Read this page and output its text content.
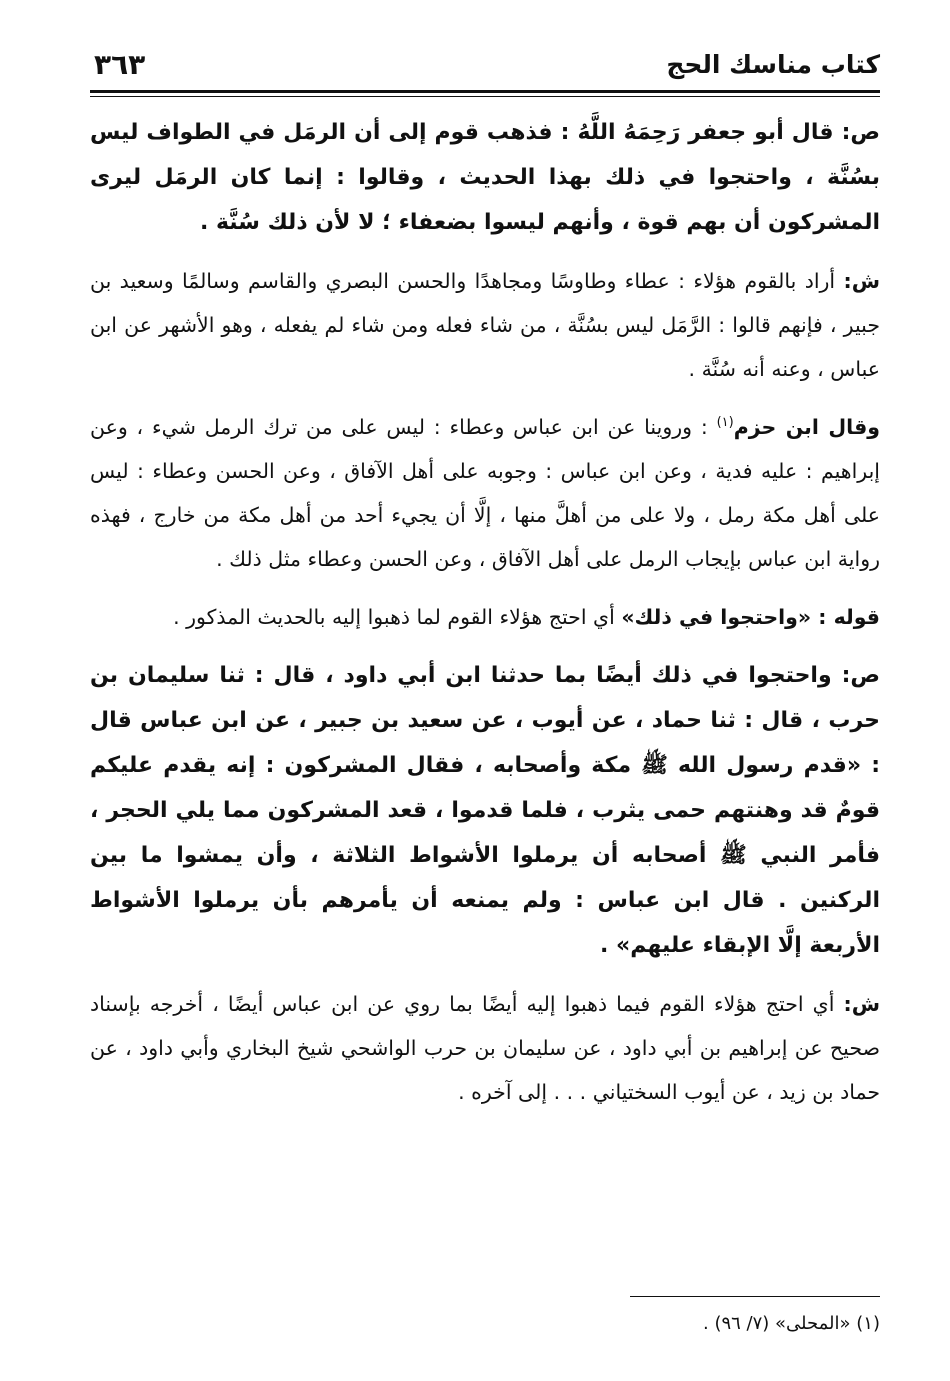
كتاب مناسك الحج
٣٦٣

ص: قال أبو جعفر رَحِمَهُ اللَّهُ : فذهب قوم إلى أن الرمَل في الطواف ليس بسُنَّة ، واحتجوا في ذلك بهذا الحديث ، وقالوا : إنما كان الرمَل ليرى المشركون أن بهم قوة ، وأنهم ليسوا بضعفاء ؛ لا لأن ذلك سُنَّة .

ش: أراد بالقوم هؤلاء : عطاء وطاوسًا ومجاهدًا والحسن البصري والقاسم وسالمًا وسعيد بن جبير ، فإنهم قالوا : الرَّمَل ليس بسُنَّة ، من شاء فعله ومن شاء لم يفعله ، وهو الأشهر عن ابن عباس ، وعنه أنه سُنَّة .

وقال ابن حزم$^{(١)}$ : وروينا عن ابن عباس وعطاء : ليس على من ترك الرمل شيء ، وعن إبراهيم : عليه فدية ، وعن ابن عباس : وجوبه على أهل الآفاق ، وعن الحسن وعطاء : ليس على أهل مكة رمل ، ولا على من أهلَّ منها ، إلَّا أن يجيء أحد من أهل مكة من خارج ، فهذه رواية ابن عباس بإيجاب الرمل على أهل الآفاق ، وعن الحسن وعطاء مثل ذلك .

قوله : «واحتجوا في ذلك» أي احتج هؤلاء القوم لما ذهبوا إليه بالحديث المذكور .

ص: واحتجوا في ذلك أيضًا بما حدثنا ابن أبي داود ، قال : ثنا سليمان بن حرب ، قال : ثنا حماد ، عن أيوب ، عن سعيد بن جبير ، عن ابن عباس قال : «قدم رسول الله ﷺ مكة وأصحابه ، فقال المشركون : إنه يقدم عليكم قومٌ قد وهنتهم حمى يثرب ، فلما قدموا ، قعد المشركون مما يلي الحجر ، فأمر النبي ﷺ أصحابه أن يرملوا الأشواط الثلاثة ، وأن يمشوا ما بين الركنين . قال ابن عباس : ولم يمنعه أن يأمرهم بأن يرملوا الأشواط الأربعة إلَّا الإبقاء عليهم» .

ش: أي احتج هؤلاء القوم فيما ذهبوا إليه أيضًا بما روي عن ابن عباس أيضًا ، أخرجه بإسناد صحيح عن إبراهيم بن أبي داود ، عن سليمان بن حرب الواشحي شيخ البخاري وأبي داود ، عن حماد بن زيد ، عن أيوب السختياني . . . إلى آخره .

(١) «المحلى» (٧/ ٩٦) .
